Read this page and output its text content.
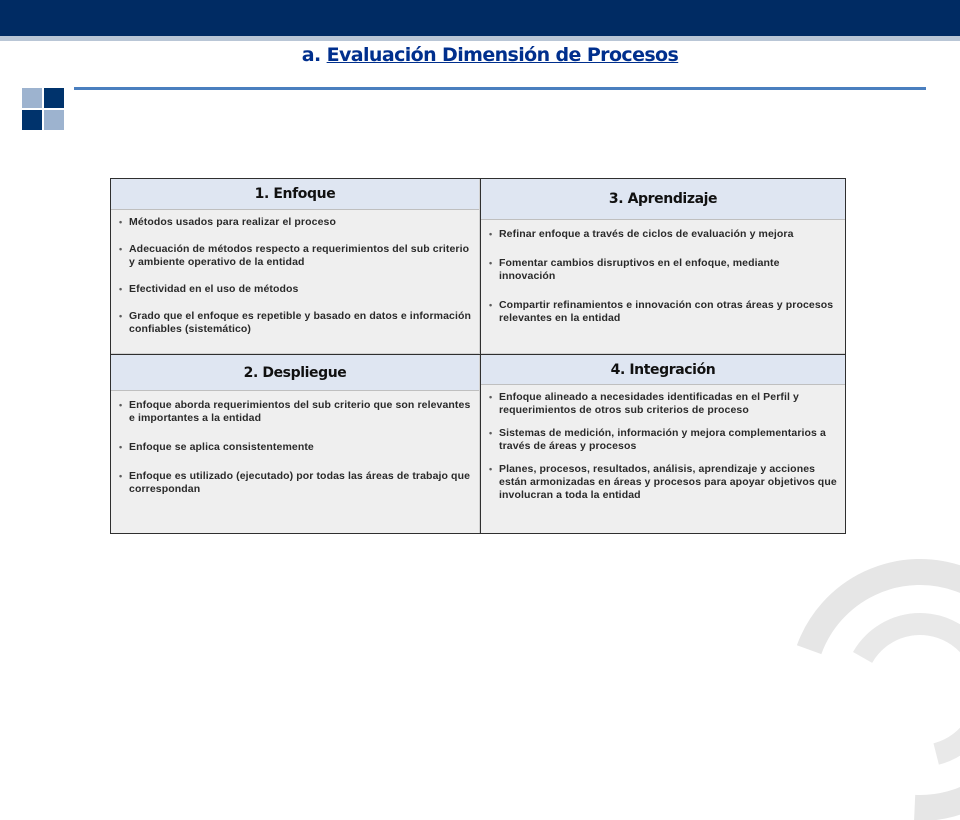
a. Evaluación Dimensión de Procesos
1. Enfoque
• Métodos usados para realizar el proceso
• Adecuación de métodos respecto a requerimientos del sub criterio y ambiente operativo de la entidad
• Efectividad en el uso de métodos
• Grado que el enfoque es repetible y basado en datos e información confiables (sistemático)
3. Aprendizaje
• Refinar enfoque a través de ciclos de evaluación y mejora
• Fomentar cambios disruptivos en el enfoque, mediante innovación
• Compartir refinamientos e innovación con otras áreas y procesos relevantes en la entidad
2. Despliegue
• Enfoque aborda requerimientos del sub criterio que son relevantes e importantes a la entidad
• Enfoque se aplica consistentemente
• Enfoque es utilizado (ejecutado) por todas las áreas de trabajo que correspondan
4. Integración
• Enfoque alineado a necesidades identificadas en el Perfil y requerimientos de otros sub criterios de proceso
• Sistemas de medición, información y mejora complementarios a través de áreas y procesos
• Planes, procesos, resultados, análisis, aprendizaje y acciones están armonizadas en áreas y procesos para apoyar objetivos que involucran a toda la entidad
